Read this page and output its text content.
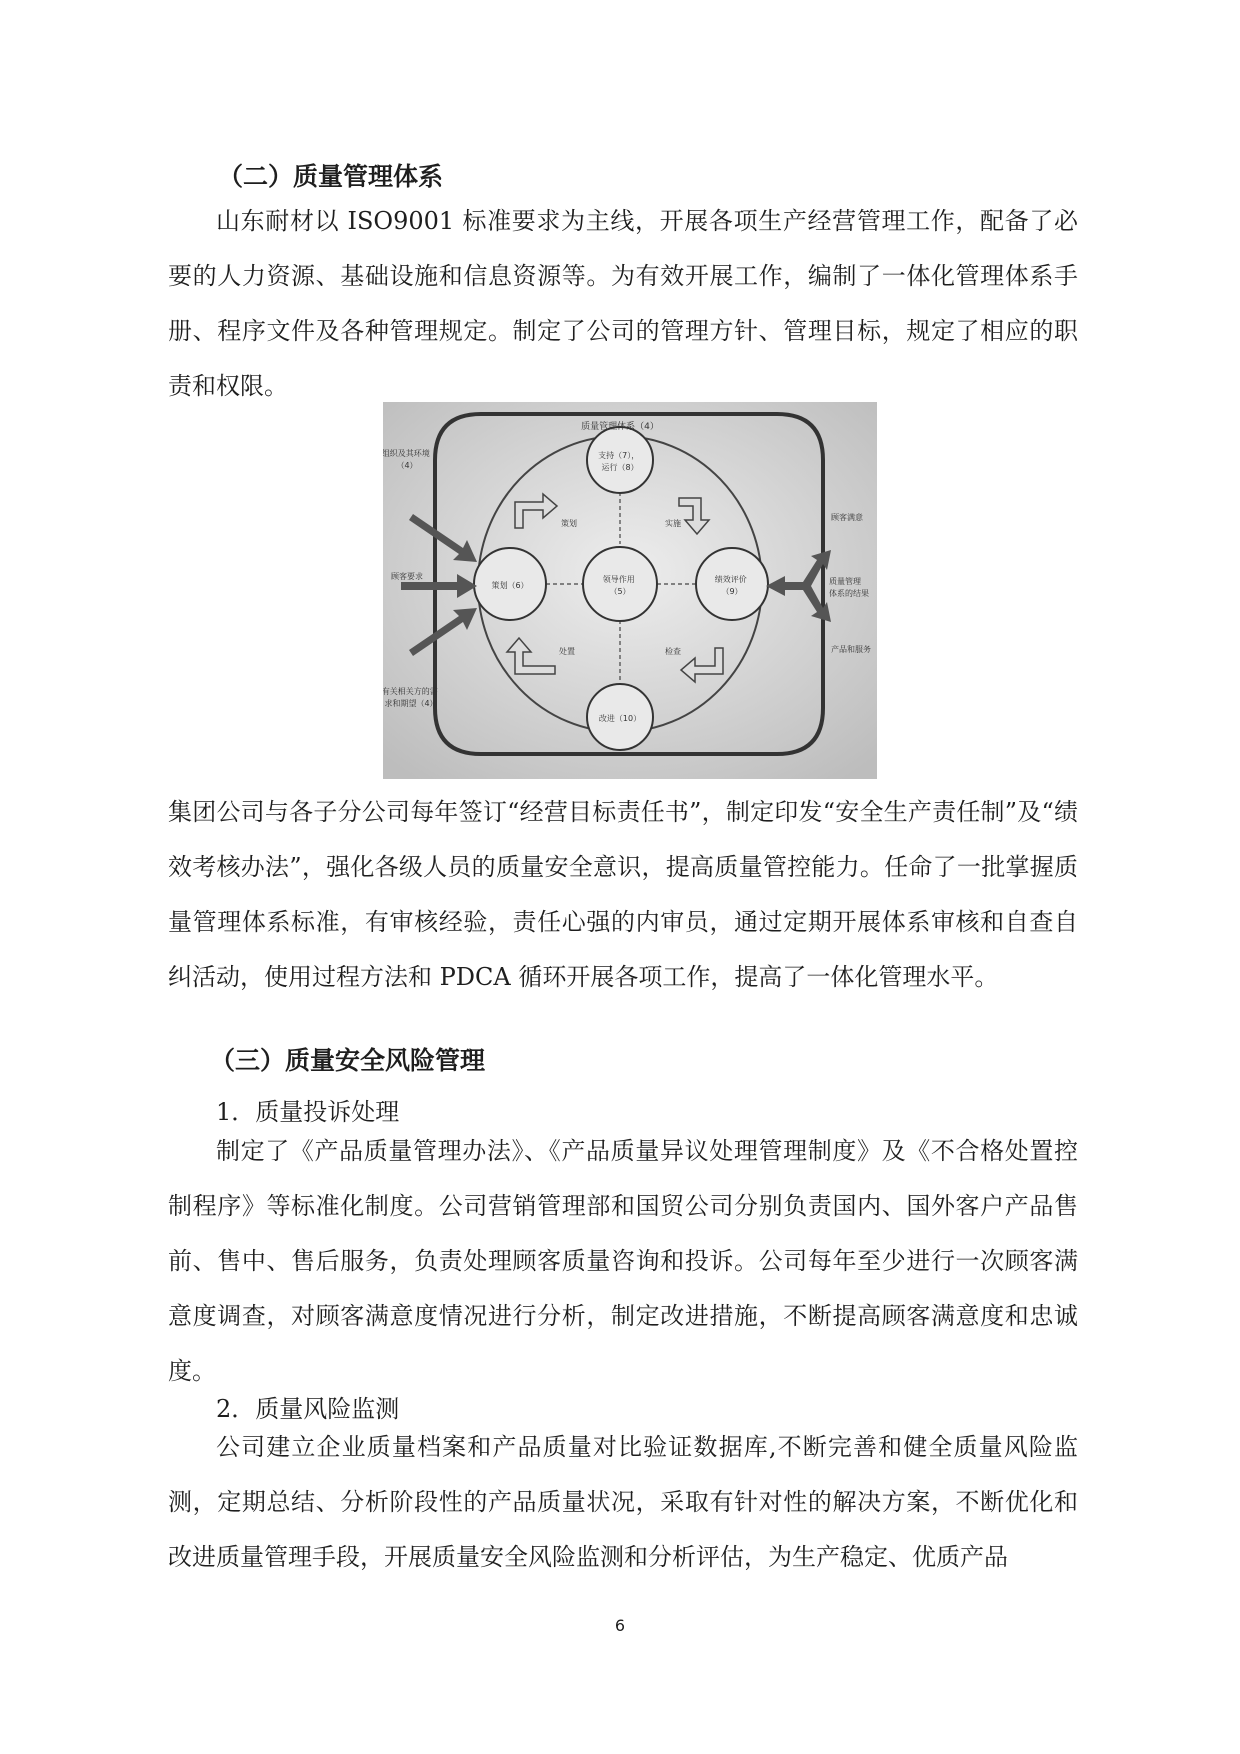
（二）质量管理体系

山东耐材以 ISO9001 标准要求为主线，开展各项生产经营管理工作，配备了必要的人力资源、基础设施和信息资源等。为有效开展工作，编制了一体化管理体系手册、程序文件及各种管理规定。制定了公司的管理方针、管理目标，规定了相应的职责和权限。

质量管理体系（4）
组织及其环境 （4）
顾客要求
有关相关方的需 求和期望（4）
支持（7）， 运行（8）
策划（6）
领导作用 （5）
绩效评价 （9）
改进（10）
策划	实施
检查
处置
顾客满意
质量管理 体系的结果
产品和服务

集团公司与各子分公司每年签订“经营目标责任书”，制定印发“安全生产责任制”及“绩效考核办法”，强化各级人员的质量安全意识，提高质量管控能力。任命了一批掌握质量管理体系标准，有审核经验，责任心强的内审员，通过定期开展体系审核和自查自纠活动，使用过程方法和 PDCA 循环开展各项工作，提高了一体化管理水平。

（三）质量安全风险管理
1．质量投诉处理

制定了《产品质量管理办法》、《产品质量异议处理管理制度》及《不合格处置控制程序》等标准化制度。公司营销管理部和国贸公司分别负责国内、国外客户产品售前、售中、售后服务，负责处理顾客质量咨询和投诉。公司每年至少进行一次顾客满意度调查，对顾客满意度情况进行分析，制定改进措施，不断提高顾客满意度和忠诚度。

2．质量风险监测

公司建立企业质量档案和产品质量对比验证数据库,不断完善和健全质量风险监测，定期总结、分析阶段性的产品质量状况，采取有针对性的解决方案，不断优化和改进质量管理手段，开展质量安全风险监测和分析评估，为生产稳定、优质产品

6
